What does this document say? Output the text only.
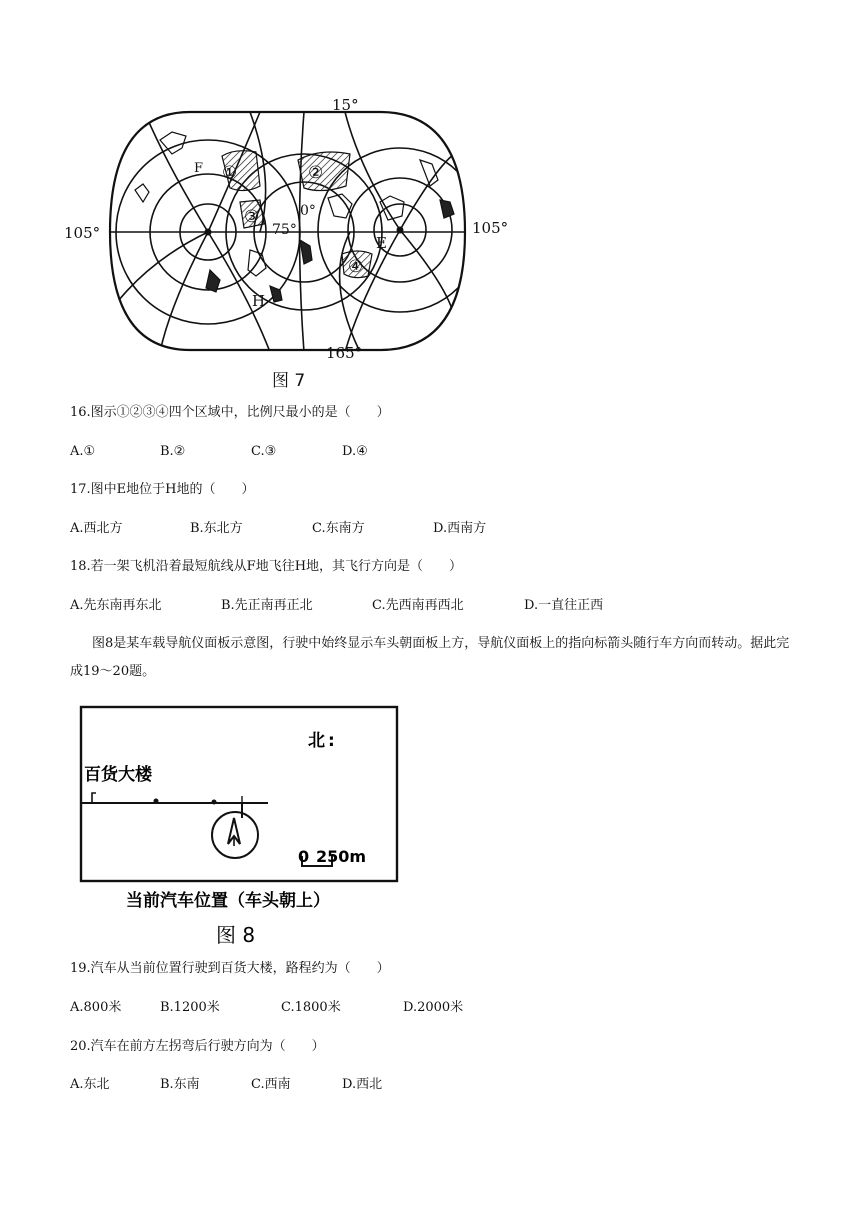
15°
165°
105°	105°
0°
75°
F
E
H
①	②
③
④
图 7
16.图示①②③④四个区域中，比例尺最小的是（　　）
A.①	B.②	C.③	D.④
17.图中E地位于H地的（　　）
A.西北方	B.东北方	C.东南方	D.西南方
18.若一架飞机沿着最短航线从F地飞往H地，其飞行方向是（　　）
A.先东南再东北	B.先正南再正北	C.先西南再西北	D.一直往正西
图8是某车载导航仪面板示意图，行驶中始终显示车头朝面板上方，导航仪面板上的指向标箭头随行车方向而转动。据此完成19～20题。
0 250m
北 :
百货大楼
当前汽车位置（车头朝上）
图 8
19.汽车从当前位置行驶到百货大楼，路程约为（　　）
A.800米	B.1200米	C.1800米	D.2000米
20.汽车在前方左拐弯后行驶方向为（　　）
A.东北	B.东南	C.西南	D.西北
